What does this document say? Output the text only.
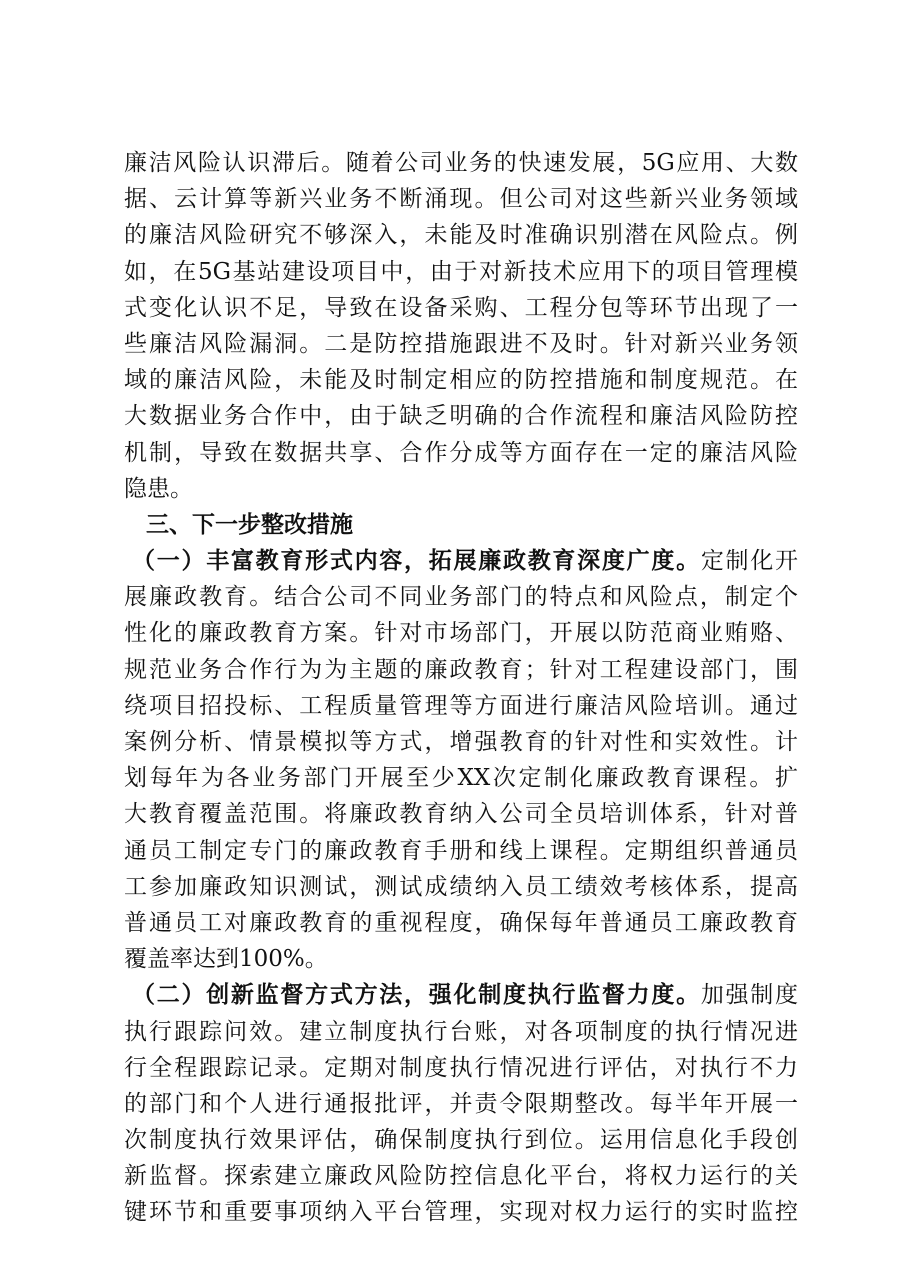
廉洁风险认识滞后。随着公司业务的快速发展，5G应用、大数
据、云计算等新兴业务不断涌现。但公司对这些新兴业务领域
的廉洁风险研究不够深入，未能及时准确识别潜在风险点。例
如，在5G基站建设项目中，由于对新技术应用下的项目管理模
式变化认识不足，导致在设备采购、工程分包等环节出现了一
些廉洁风险漏洞。二是防控措施跟进不及时。针对新兴业务领
域的廉洁风险，未能及时制定相应的防控措施和制度规范。在
大数据业务合作中，由于缺乏明确的合作流程和廉洁风险防控
机制，导致在数据共享、合作分成等方面存在一定的廉洁风险
隐患。
三、下一步整改措施
（一）丰富教育形式内容，拓展廉政教育深度广度。定制化开
展廉政教育。结合公司不同业务部门的特点和风险点，制定个
性化的廉政教育方案。针对市场部门，开展以防范商业贿赂、
规范业务合作行为为主题的廉政教育；针对工程建设部门，围
绕项目招投标、工程质量管理等方面进行廉洁风险培训。通过
案例分析、情景模拟等方式，增强教育的针对性和实效性。计
划每年为各业务部门开展至少XX次定制化廉政教育课程。扩
大教育覆盖范围。将廉政教育纳入公司全员培训体系，针对普
通员工制定专门的廉政教育手册和线上课程。定期组织普通员
工参加廉政知识测试，测试成绩纳入员工绩效考核体系，提高
普通员工对廉政教育的重视程度，确保每年普通员工廉政教育
覆盖率达到100%。
（二）创新监督方式方法，强化制度执行监督力度。加强制度
执行跟踪问效。建立制度执行台账，对各项制度的执行情况进
行全程跟踪记录。定期对制度执行情况进行评估，对执行不力
的部门和个人进行通报批评，并责令限期整改。每半年开展一
次制度执行效果评估，确保制度执行到位。运用信息化手段创
新监督。探索建立廉政风险防控信息化平台，将权力运行的关
键环节和重要事项纳入平台管理，实现对权力运行的实时监控
